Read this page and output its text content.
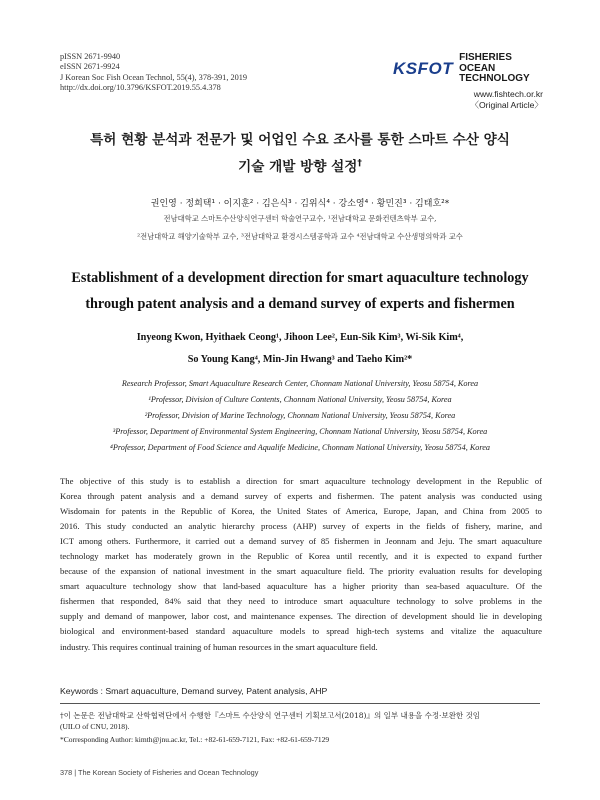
pISSN 2671-9940
eISSN 2671-9924
J Korean Soc Fish Ocean Technol, 55(4), 378-391, 2019
http://dx.doi.org/10.3796/KSFOT.2019.55.4.378
KSFOT
FISHERIES OCEAN
TECHNOLOGY
www.fishtech.or.kr
〈Original Article〉
특허 현황 분석과 전문가 및 어업인 수요 조사를 통한 스마트 수산 양식
기술 개발 방향 설정†
권인영 · 정희택¹ · 이지훈² · 김은식³ · 김위식⁴ · 강소영⁴ · 황민진³ · 김태호²*
전남대학교 스마트수산양식연구센터 학술연구교수, ¹전남대학교 문화컨텐츠학부 교수,
²전남대학교 해양기술학부 교수, ³전남대학교 환경시스템공학과 교수 ⁴전남대학교 수산생명의학과 교수
Establishment of a development direction for smart aquaculture technology
through patent analysis and a demand survey of experts and fishermen
Inyeong Kwon, Hyithaek Ceong¹, Jihoon Lee², Eun-Sik Kim³, Wi-Sik Kim⁴,
So Young Kang⁴, Min-Jin Hwang³ and Taeho Kim²*
Research Professor, Smart Aquaculture Research Center, Chonnam National University, Yeosu 58754, Korea
¹Professor, Division of Culture Contents, Chonnam National University, Yeosu 58754, Korea
²Professor, Division of Marine Technology, Chonnam National University, Yeosu 58754, Korea
³Professor, Department of Environmental System Engineering, Chonnam National University, Yeosu 58754, Korea
⁴Professor, Department of Food Science and Aqualife Medicine, Chonnam National University, Yeosu 58754, Korea
The objective of this study is to establish a direction for smart aquaculture technology development in the Republic of
Korea through patent analysis and a demand survey of experts and fishermen. The patent analysis was conducted using
Wisdomain for patents in the Republic of Korea, the United States of America, Europe, Japan, and China from 2005 to
2016. This study conducted an analytic hierarchy process (AHP) survey of experts in the fields of fishery, marine, and
ICT among others. Furthermore, it carried out a demand survey of 85 fishermen in Jeonnam and Jeju. The smart aquaculture
technology market has moderately grown in the Republic of Korea until recently, and it is expected to expand further
because of the expansion of national investment in the smart aquaculture field. The priority evaluation results for developing
smart aquaculture technology show that land-based aquaculture has a higher priority than sea-based aquaculture. Of the
fishermen that responded, 84% said that they need to introduce smart aquaculture technology to solve problems in the
supply and demand of manpower, labor cost, and maintenance expenses. The direction of development should lie in developing
biological and environment-based standard aquaculture models to spread high-tech systems and vitalize the aquaculture
industry. This requires continual training of human resources in the smart aquaculture field.
Keywords : Smart aquaculture, Demand survey, Patent analysis, AHP
†이 논문은 전남대학교 산학협력단에서 수행한『스마트 수산양식 연구센터 기획보고서(2018)』의 일부 내용을 수정·보완한 것임
(UILO of CNU, 2018).
*Corresponding Author: kimth@jnu.ac.kr, Tel.: +82-61-659-7121, Fax: +82-61-659-7129
378 | The Korean Society of Fisheries and Ocean Technology
